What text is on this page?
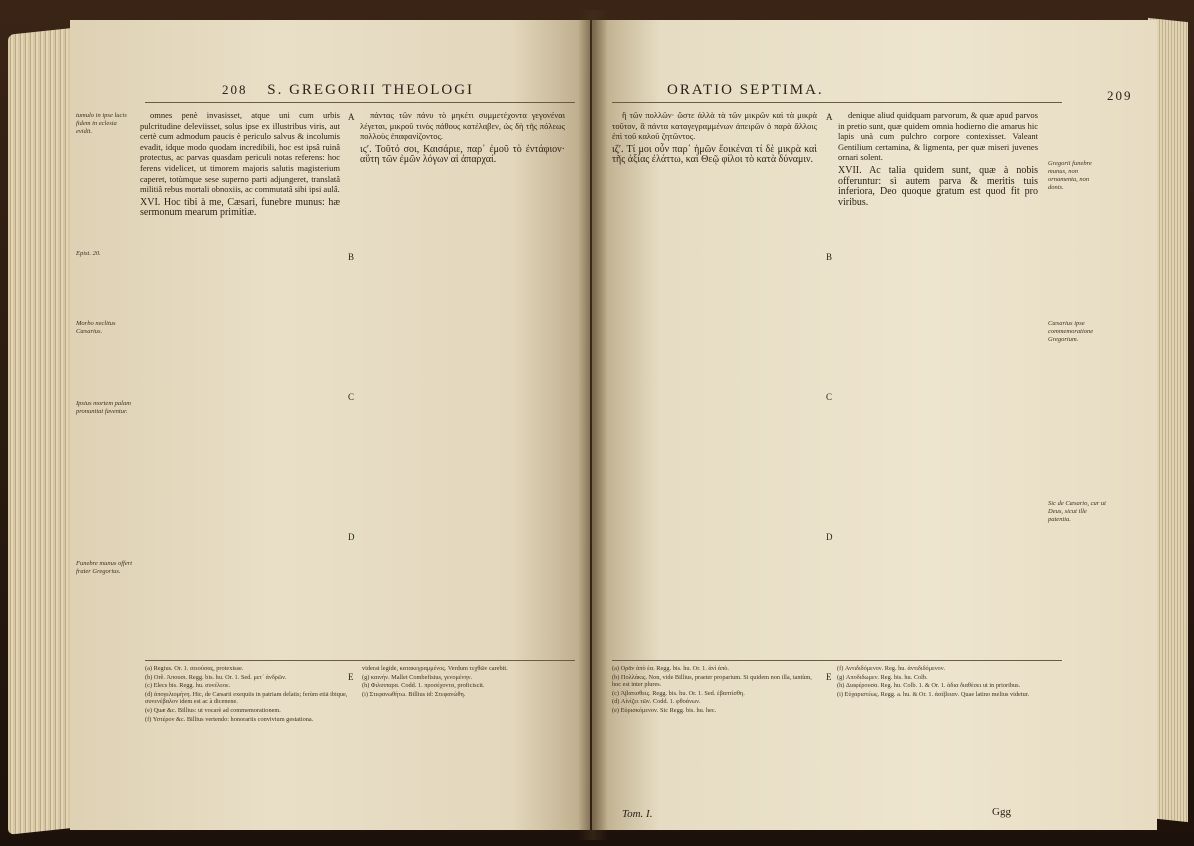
208 S. GREGORII THEOLOGI
tumulo in ipse lucis fidem in eclesia evidit.
Epist. 20.
Morbo neclitus Cæsarius.
Ipsius mortem palam pronuntiat faventur.
Funebre munus offert frater Gregorius.

omnes penè invasisset, atque uni cum urbis pulcritudine deleviisset, solus ipse ex illustribus viris, aut certè cum admodum paucis è periculo salvus & incolumis evadit, idque modo quodam incredibili, hoc est ipsâ ruinâ protectus, ac parvas quasdam periculi notas referens: hoc ferens videlicet, ut timorem majoris salutis magisterium caperet, totùmque sese superno parti adjungeret, translatâ militiâ rebus mortali obnoxiis, ac commutatâ sibi ipsi aulâ.

XVI. Hoc tibi à me, Cæsari, funebre munus: hæ sermonum mearum primitiæ.

A
B
C
D
E

πάντας τῶν πάνυ τὸ μηκέτι συμμετέχοντα γεγονέναι λέγεται, μικροῦ τινὸς πάθους κατέλαβεν, ὡς δὴ τῆς πόλεως πολλοὺς ἐπαφανίζοντος.

ιϛʹ. Τοῦτό σοι, Καισάριε, παρ᾽ ἐμοῦ τὸ ἐντάφιον· αὕτη τῶν ἐμῶν λόγων αἱ ἀπαρχαί.

(a) Regius. Or. 1. σειούσας, protexisse.
(b) Orê. Ἀπουσι. Regg. bis. hu. Or. 1. Sed. μετ᾽ ἀνδρῶν.
(c) Elecs bis. Regg. hu. συνέλεοε.
(d) ἀπογελιομήνη. Hic, de Cæsarii exequiis in patriam delatis; ferùm etiā ibique, συνενέβαλον idem est ac à dicenene.
(e) Quæ &c. Billius: ut vocarè ad commemorationem.
(f) Υστέρον &c. Billius vertendo: honorariis convivium gestationa.
viderat legide, κατακεγραμμένος. Verdum τεχθῶν carebit.
(g) καινήν. Mallet Combefisius, γενομένην.
(h) Φιλιππαρα. Codd. 1. προσέχοντα, proficiscit.
(i) Στεφανωθήτω. Billius id: Στεφανώθη.
ORATIO SEPTIMA.	209

ἢ τῶν πολλῶν· ὥστε ἀλλὰ τὰ τῶν μικρῶν καὶ τὰ μικρὰ τοῦτον, ἃ πάντα καταγεγραμμένων ἀπειρῶν ὁ παρὰ ἄλλοις ἐπὶ τοῦ καλοῦ ζητῶντος.

ιζʹ. Τί μοι οὖν παρ᾽ ἡμῶν ἔοικέναι τί δὲ μικρὰ καὶ τῆς ἀξίας ἐλάττω, καὶ Θεῷ φίλοι τὸ κατὰ δύναμιν.

A
B
C
D
E

denique aliud quidquam parvorum, & quæ apud parvos in pretio sunt, quæ quidem omnia hodierno die amarus hic lapis unà cum pulchro corpore contexisset. Valeant Gentilium certamina, & ligmenta, per quæ miseri juvenes ornari solent.

XVII. Ac talia quidem sunt, quæ à nobis offeruntur: sì autem parva & meritis tuis inferiora, Deo quoque gratum est quod fit pro viribus.

Gregorii funebre munus, non ornamenta, non donis.
Cæsarius ipse commemoratione Gregorium.
Sic de Cæsario, cur ut Deus, sicut ille patentia.
(a) Ορᾶν ἀπὸ ἑα. Regg. bis. hu. Or. 1. ἀνί ἀπὸ.
(b) Πολλάκις. Non, vide Billius, praeter proparium. Si quidem non illa, tantùm, hoc est inter plures.
(c) Ἀβατισθεις. Regg. bis. hu. Or. 1. Sed. ἐβαπτίσθη.
(d) Αἰνίζει τῶν. Codd. 1. φθοάνων.
(e) Εὐρισκόμενον. Sic Regg. bis. hu. hec.
(f) Αντιδιδόμενον. Reg. hu. ἀντιδιδόμενον.
(g) Αποδιδωμεν. Reg. bis. hu. Colb.
(h) Διαφέρουσα. Reg. hu. Colb. 1. & Or. 1. ἀδια διαθέσει ut in prioribus.
(i) Εὐχαριστέως. Regg. a. hu. & Or. 1. ἀσέβειαν. Quae latino melius videtur.
Tom. I.	Ggg
